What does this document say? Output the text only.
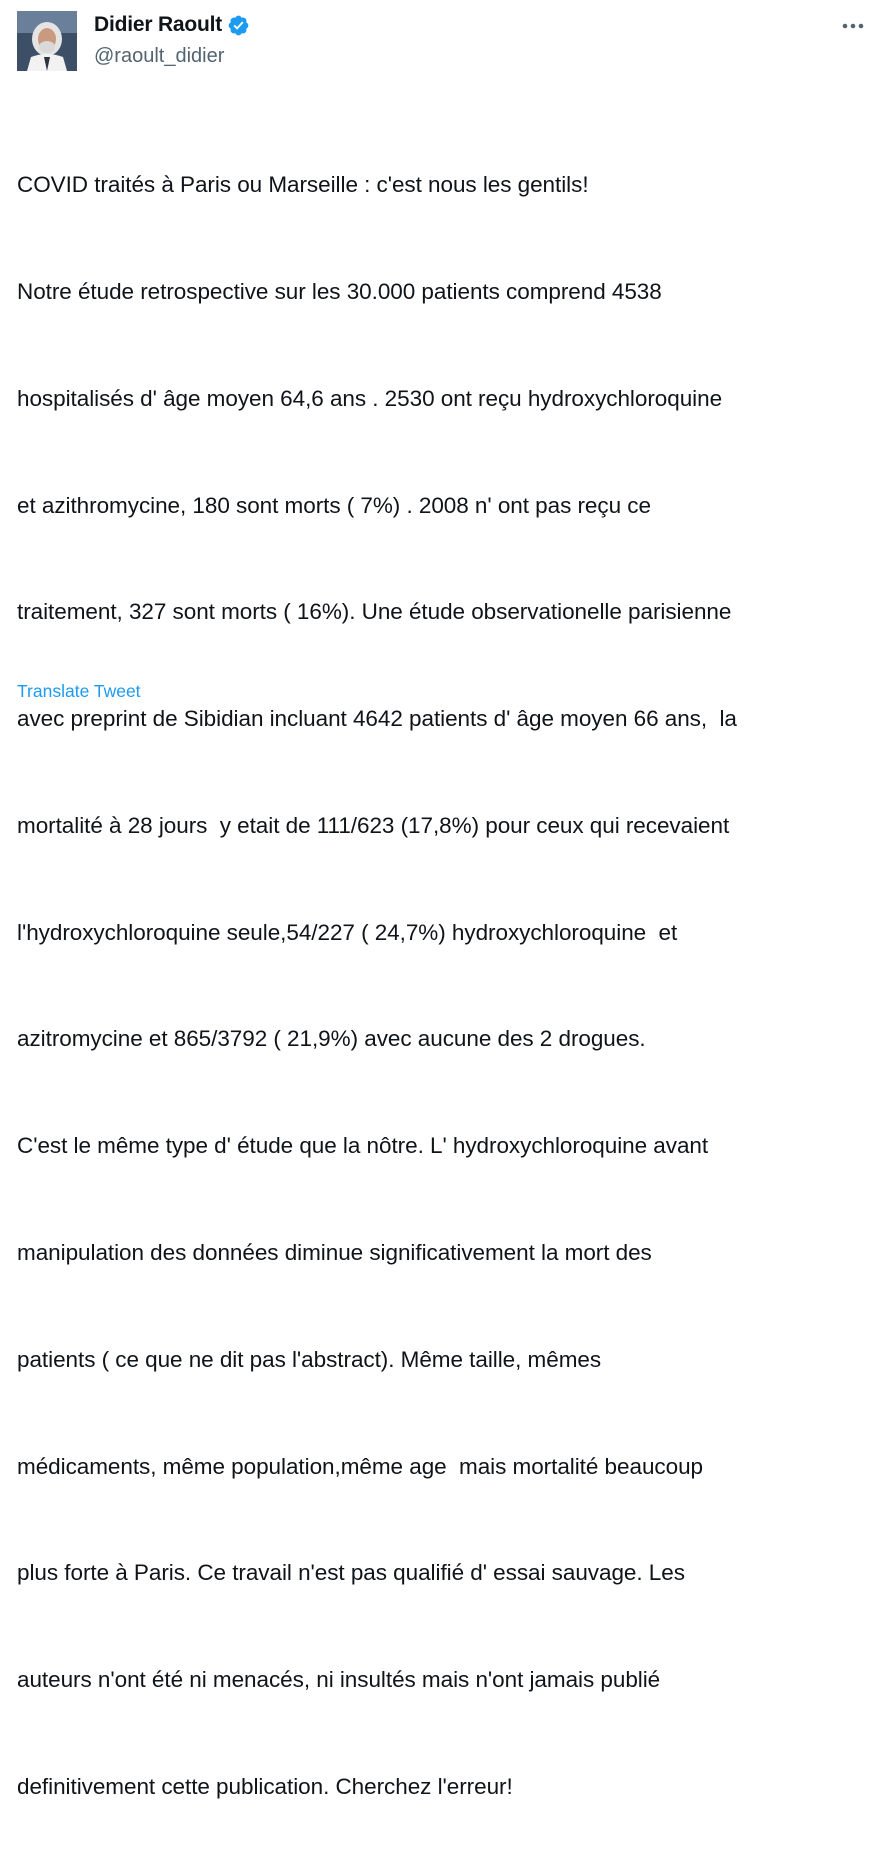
Didier Raoult
@raoult_didier

COVID traités à Paris ou Marseille : c'est nous les gentils!

Notre étude retrospective sur les 30.000 patients comprend 4538

hospitalisés d' âge moyen 64,6 ans . 2530 ont reçu hydroxychloroquine

et azithromycine, 180 sont morts ( 7%) . 2008 n' ont pas reçu ce

traitement, 327 sont morts ( 16%). Une étude observationelle parisienne

avec preprint de Sibidian incluant 4642 patients d' âge moyen 66 ans,  la

mortalité à 28 jours  y etait de 111/623 (17,8%) pour ceux qui recevaient

l'hydroxychloroquine seule,54/227 ( 24,7%) hydroxychloroquine  et

azitromycine et 865/3792 ( 21,9%) avec aucune des 2 drogues.

C'est le même type d' étude que la nôtre. L' hydroxychloroquine avant

manipulation des données diminue significativement la mort des

patients ( ce que ne dit pas l'abstract). Même taille, mêmes

médicaments, même population,même age  mais mortalité beaucoup

plus forte à Paris. Ce travail n'est pas qualifié d' essai sauvage. Les

auteurs n'ont été ni menacés, ni insultés mais n'ont jamais publié

definitivement cette publication. Cherchez l'erreur!

Translate Tweet
